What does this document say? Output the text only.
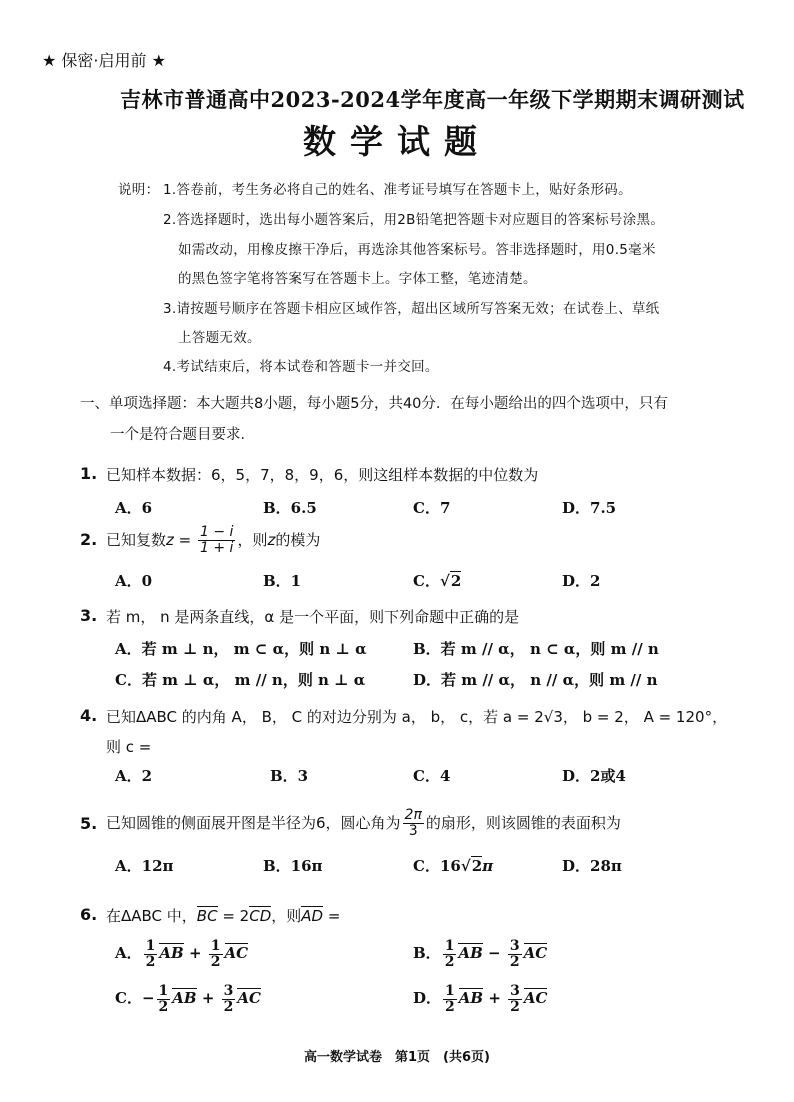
★ 保密·启用前 ★
吉林市普通高中2023-2024学年度高一年级下学期期末调研测试
数学试题
说明： 1.答卷前，考生务必将自己的姓名、准考证号填写在答题卡上，贴好条形码。
2.答选择题时，选出每小题答案后，用2B铅笔把答题卡对应题目的答案标号涂黑。
如需改动，用橡皮擦干净后，再选涂其他答案标号。答非选择题时，用0.5毫米
的黑色签字笔将答案写在答题卡上。字体工整，笔迹清楚。
3.请按题号顺序在答题卡相应区域作答，超出区域所写答案无效；在试卷上、草纸
上答题无效。
4.考试结束后，将本试卷和答题卡一并交回。
一、单项选择题：本大题共8小题，每小题5分，共40分．在每小题给出的四个选项中，只有
一个是符合题目要求．
1. 已知样本数据：6，5，7，8，9，6，则这组样本数据的中位数为
A．6	B．6.5	C．7	D．7.5
2. 已知复数$z = \frac{1 - i}{1 + i}$ ，则z的模为
A．0	B．1	C．√2	D．2
3. 若 m， n 是两条直线，α 是一个平面，则下列命题中正确的是
A．若 m ⊥ n， m ⊂ α，则 n ⊥ α	B．若 m // α， n ⊂ α，则 m // n
C．若 m ⊥ α， m // n，则 n ⊥ α	D．若 m // α， n // α，则 m // n
4. 已知ΔABC 的内角 A， B， C 的对边分别为 a， b， c，若 a = 2√3， b = 2， A = 120°，
则 c =
A．2	B．3	C．4	D．2或4
5. 已知圆锥的侧面展开图是半径为6，圆心角为 $\frac{2\pi}{3}$ 的扇形，则该圆锥的表面积为
A．12π	B．16π	C．16√2π	D．28π
6. 在ΔABC 中，BC = 2CD，则AD =
A． $\frac{1}{2}$ AB + $\frac{1}{2}$ AC	B． $\frac{1}{2}$ AB − $\frac{3}{2}$ AC
C．− $\frac{1}{2}$ AB + $\frac{3}{2}$ AC	D． $\frac{1}{2}$ AB + $\frac{3}{2}$ AC
高一数学试卷　第1页　(共6页)
